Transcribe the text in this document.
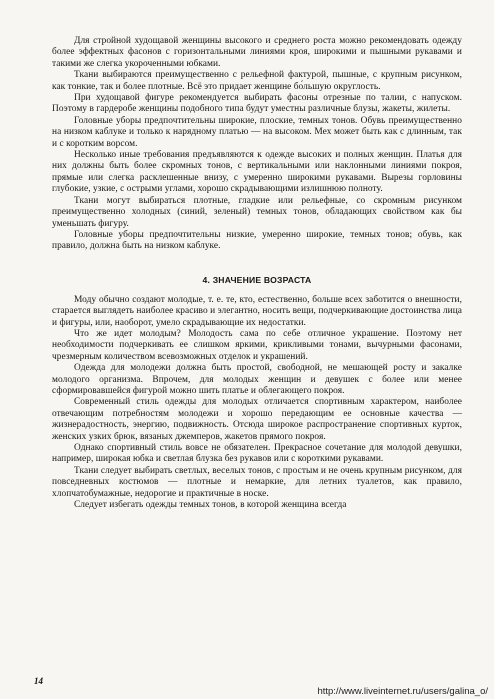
Для стройной худощавой женщины высокого и среднего роста можно рекомендовать одежду более эффектных фасонов с горизонтальными линиями кроя, широкими и пышными рукавами и такими же слегка укороченными юбками.

Ткани выбираются преимущественно с рельефной фактурой, пышные, с крупным рисунком, как тонкие, так и более плотные. Всё это придает женщине бо́льшую округлость.

При худощавой фигуре рекомендуется выбирать фасоны отрезные по талии, с напуском. Поэтому в гардеробе женщины подобного типа будут уместны различные блузы, жакеты, жилеты.

Головные уборы предпочтительны широкие, плоские, темных тонов. Обувь преимущественно на низком каблуке и только к нарядному платью — на высоком. Мех может быть как с длинным, так и с коротким ворсом.

Несколько иные требования предъявляются к одежде высоких и полных женщин. Платья для них должны быть более скромных тонов, с вертикальными или наклонными линиями покроя, прямые или слегка расклешенные внизу, с умеренно широкими рукавами. Вырезы горловины глубокие, узкие, с острыми углами, хорошо скрадывающими излишнюю полноту.

Ткани могут выбираться плотные, гладкие или рельефные, со скромным рисунком преимущественно холодных (синий, зеленый) темных тонов, обладающих свойством как бы уменьшать фигуру.

Головные уборы предпочтительны низкие, умеренно широкие, темных тонов; обувь, как правило, должна быть на низком каблуке.

4. ЗНАЧЕНИЕ ВОЗРАСТА

Моду обычно создают молодые, т. е. те, кто, естественно, больше всех заботится о внешности, старается выглядеть наиболее красиво и элегантно, носить вещи, подчеркивающие достоинства лица и фигуры, или, наоборот, умело скрадывающие их недостатки.

Что же идет молодым? Молодость сама по себе отличное украшение. Поэтому нет необходимости подчеркивать ее слишком яркими, крикливыми тонами, вычурными фасонами, чрезмерным количеством всевозможных отделок и украшений.

Одежда для молодежи должна быть простой, свободной, не мешающей росту и закалке молодого организма. Впрочем, для молодых женщин и девушек с более или менее сформировавшейся фигурой можно шить платье и облегающего покроя.

Современный стиль одежды для молодых отличается спортивным характером, наиболее отвечающим потребностям молодежи и хорошо передающим ее основные качества — жизнерадостность, энергию, подвижность. Отсюда широкое распространение спортивных курток, женских узких брюк, вязаных джемперов, жакетов прямого покроя.

Однако спортивный стиль вовсе не обязателен. Прекрасное сочетание для молодой девушки, например, широкая юбка и светлая блузка без рукавов или с короткими рукавами.

Ткани следует выбирать светлых, веселых тонов, с простым и не очень крупным рисунком, для повседневных костюмов — плотные и немаркие, для летних туалетов, как правило, хлопчатобумажные, недорогие и практичные в носке.

Следует избегать одежды темных тонов, в которой женщина всегда

14
http://www.liveinternet.ru/users/galina_o/
